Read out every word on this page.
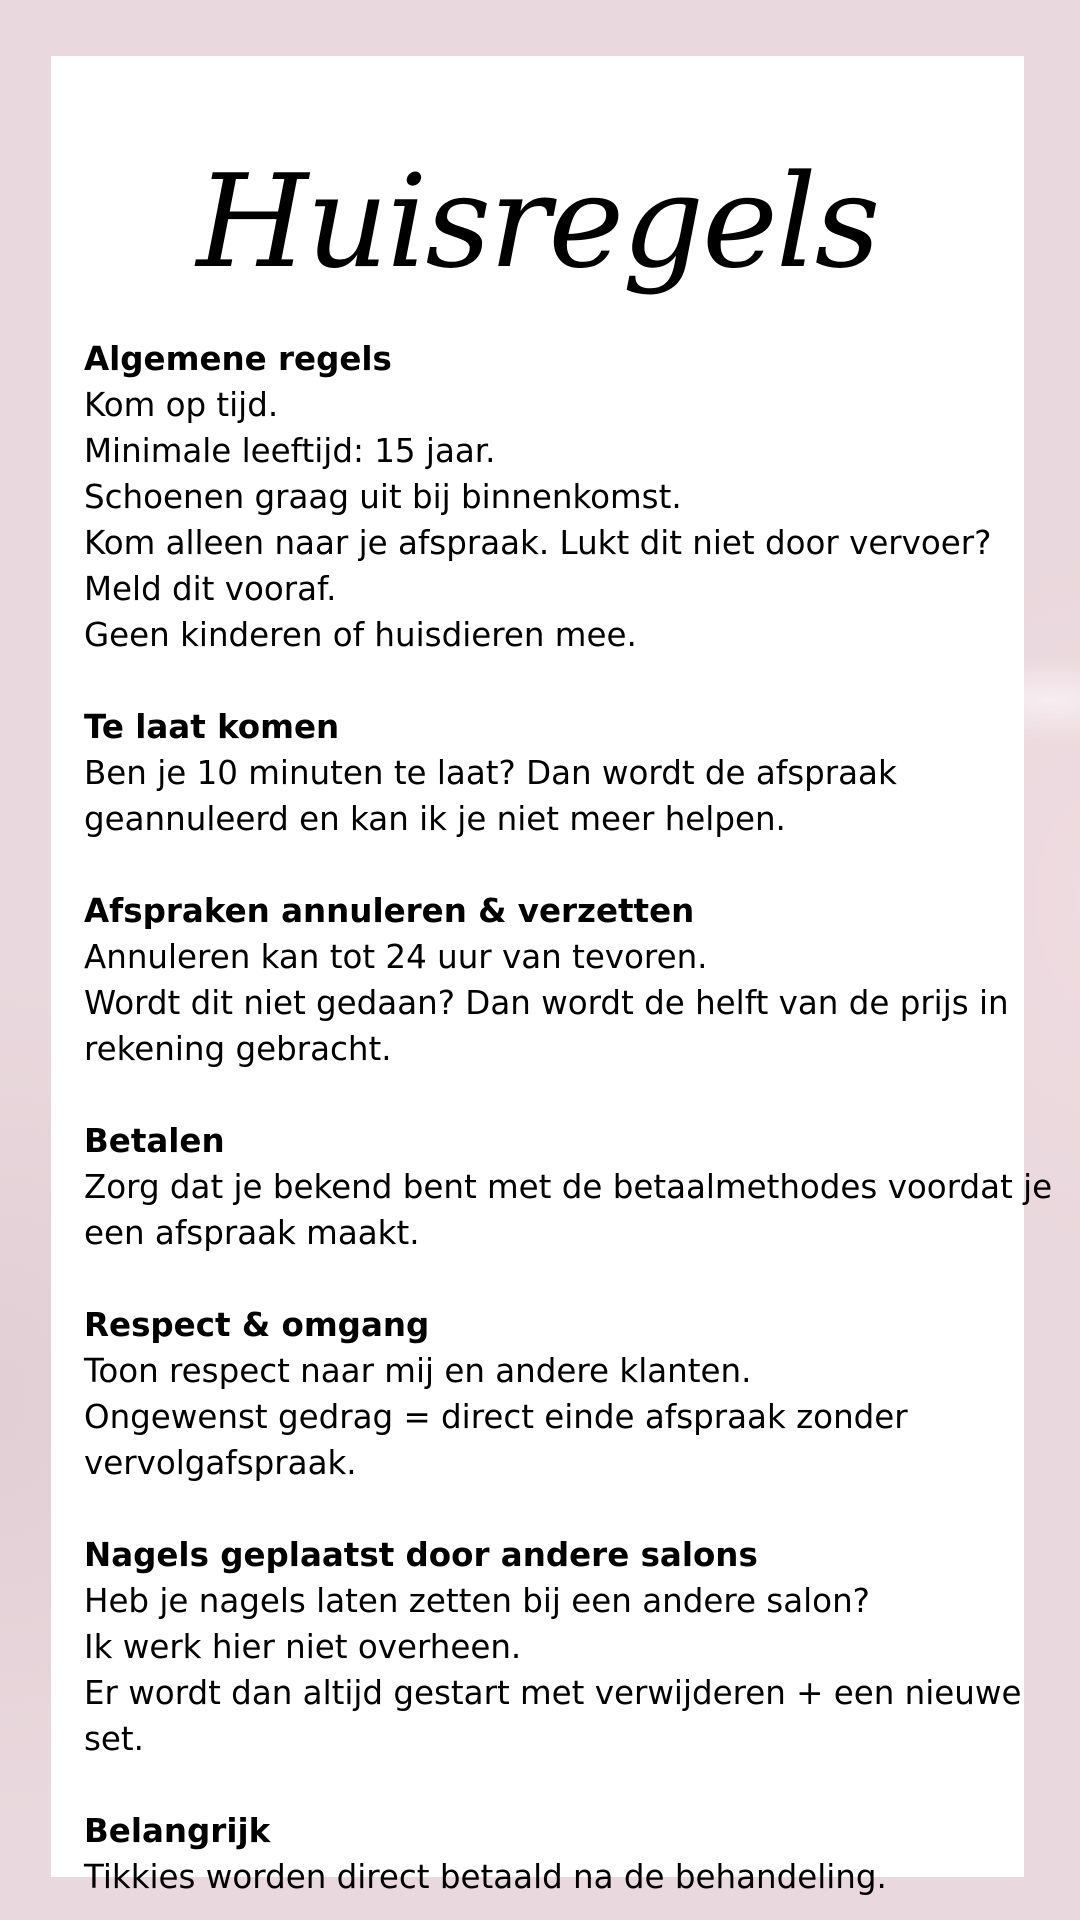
Huisregels
Algemene regels
Kom op tijd.
Minimale leeftijd: 15 jaar.
Schoenen graag uit bij binnenkomst.
Kom alleen naar je afspraak. Lukt dit niet door vervoer?
Meld dit vooraf.
Geen kinderen of huisdieren mee.
Te laat komen
Ben je 10 minuten te laat? Dan wordt de afspraak
geannuleerd en kan ik je niet meer helpen.
Afspraken annuleren & verzetten
Annuleren kan tot 24 uur van tevoren.
Wordt dit niet gedaan? Dan wordt de helft van de prijs in
rekening gebracht.
Betalen
Zorg dat je bekend bent met de betaalmethodes voordat je
een afspraak maakt.
Respect & omgang
Toon respect naar mij en andere klanten.
Ongewenst gedrag = direct einde afspraak zonder
vervolgafspraak.
Nagels geplaatst door andere salons
Heb je nagels laten zetten bij een andere salon?
Ik werk hier niet overheen.
Er wordt dan altijd gestart met verwijderen + een nieuwe
set.
Belangrijk
Tikkies worden direct betaald na de behandeling.
